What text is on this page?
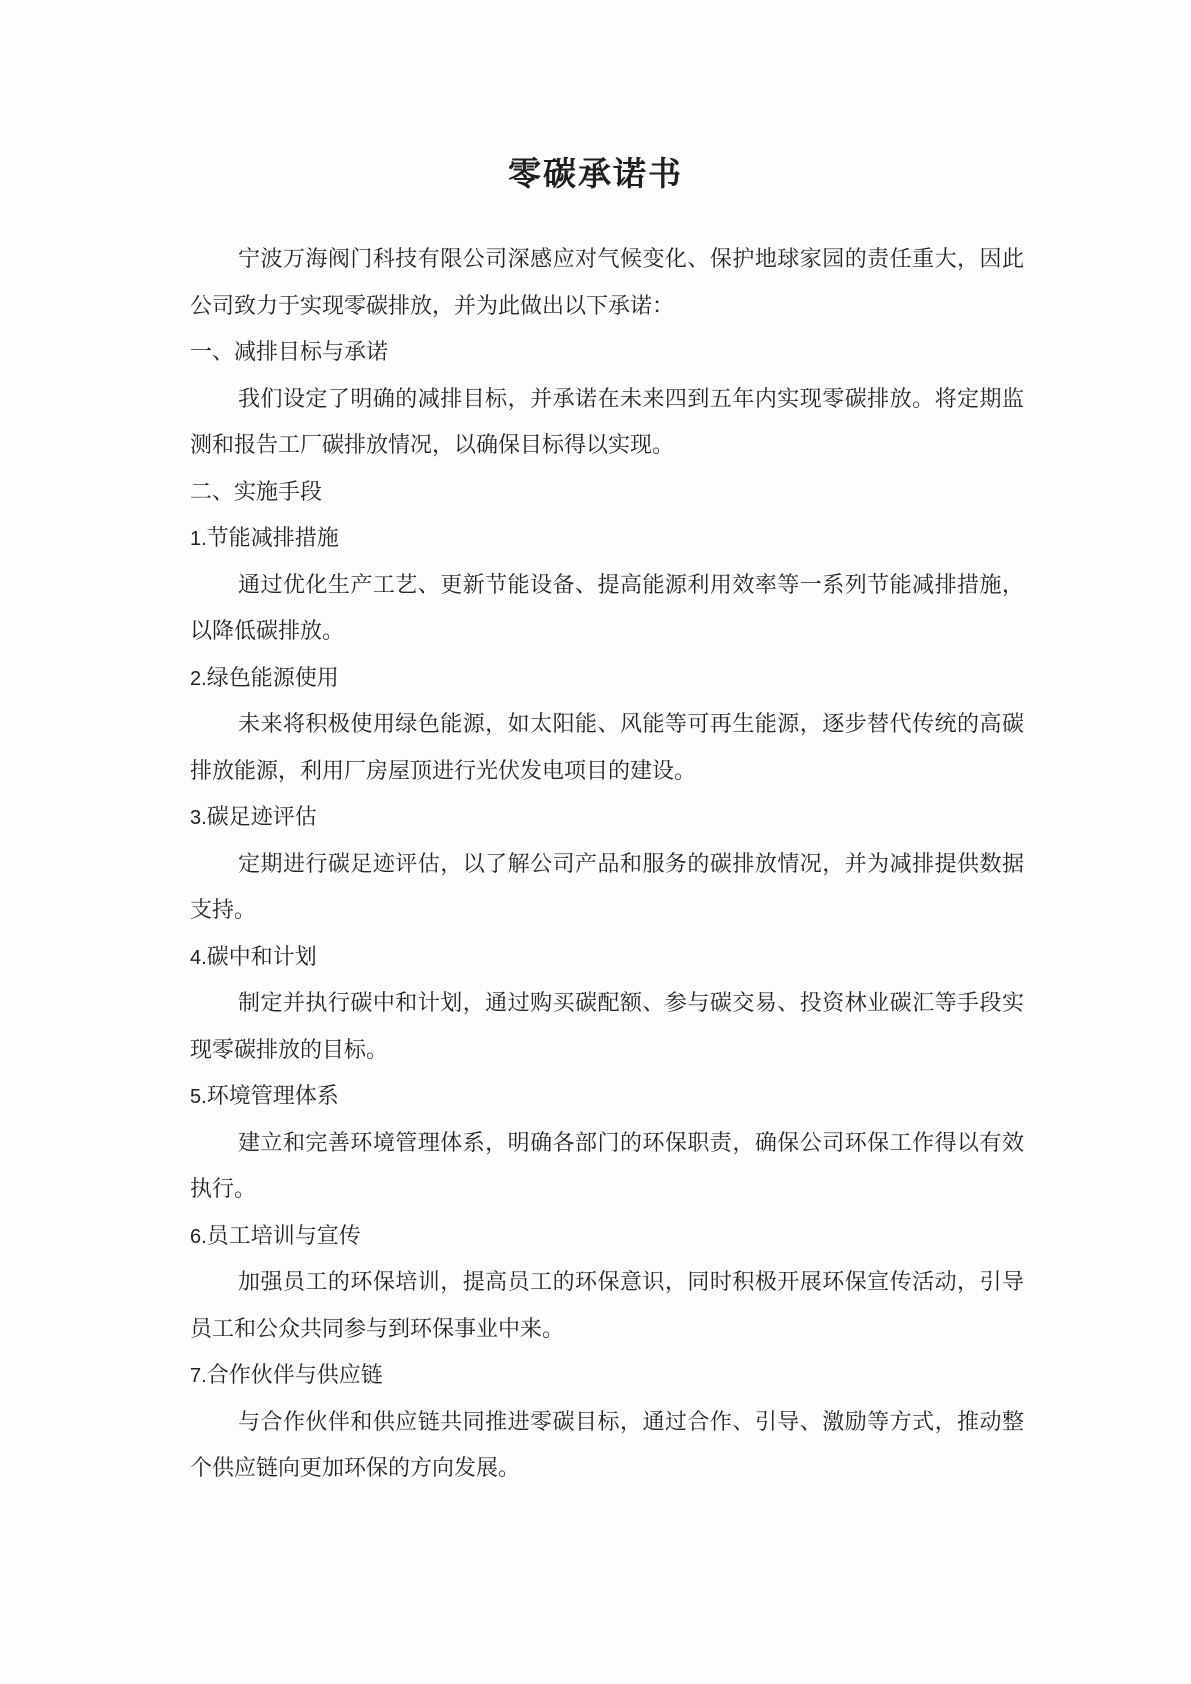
零碳承诺书
宁波万海阀门科技有限公司深感应对气候变化、保护地球家园的责任重大，因此公司致力于实现零碳排放，并为此做出以下承诺：
一、减排目标与承诺
我们设定了明确的减排目标，并承诺在未来四到五年内实现零碳排放。将定期监测和报告工厂碳排放情况，以确保目标得以实现。
二、实施手段
1.节能减排措施
通过优化生产工艺、更新节能设备、提高能源利用效率等一系列节能减排措施，以降低碳排放。
2.绿色能源使用
未来将积极使用绿色能源，如太阳能、风能等可再生能源，逐步替代传统的高碳排放能源，利用厂房屋顶进行光伏发电项目的建设。
3.碳足迹评估
定期进行碳足迹评估，以了解公司产品和服务的碳排放情况，并为减排提供数据支持。
4.碳中和计划
制定并执行碳中和计划，通过购买碳配额、参与碳交易、投资林业碳汇等手段实现零碳排放的目标。
5.环境管理体系
建立和完善环境管理体系，明确各部门的环保职责，确保公司环保工作得以有效执行。
6.员工培训与宣传
加强员工的环保培训，提高员工的环保意识，同时积极开展环保宣传活动，引导员工和公众共同参与到环保事业中来。
7.合作伙伴与供应链
与合作伙伴和供应链共同推进零碳目标，通过合作、引导、激励等方式，推动整个供应链向更加环保的方向发展。
